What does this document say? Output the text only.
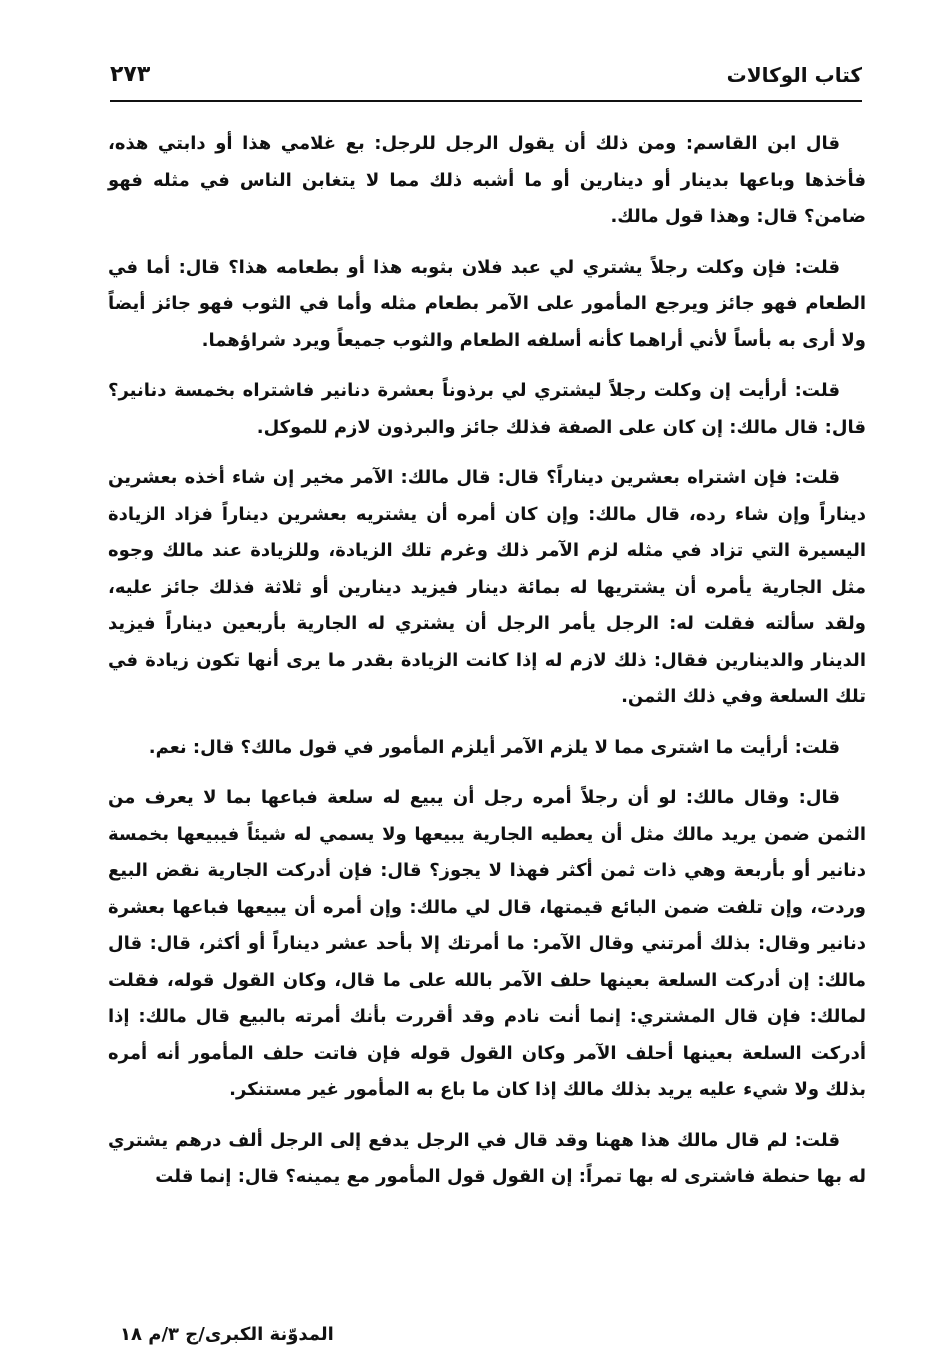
كتاب الوكالات
٢٧٣

قال ابن القاسم: ومن ذلك أن يقول الرجل للرجل: بع غلامي هذا أو دابتي هذه، فأخذها وباعها بدينار أو دينارين أو ما أشبه ذلك مما لا يتغابن الناس في مثله فهو ضامن؟ قال: وهذا قول مالك.

قلت: فإن وكلت رجلاً يشتري لي عبد فلان بثوبه هذا أو بطعامه هذا؟ قال: أما في الطعام فهو جائز ويرجع المأمور على الآمر بطعام مثله وأما في الثوب فهو جائز أيضاً ولا أرى به بأساً لأني أراهما كأنه أسلفه الطعام والثوب جميعاً ويرد شراؤهما.

قلت: أرأيت إن وكلت رجلاً ليشتري لي برذوناً بعشرة دنانير فاشتراه بخمسة دنانير؟ قال: قال مالك: إن كان على الصفة فذلك جائز والبرذون لازم للموكل.

قلت: فإن اشتراه بعشرين ديناراً؟ قال: قال مالك: الآمر مخير إن شاء أخذه بعشرين ديناراً وإن شاء رده، قال مالك: وإن كان أمره أن يشتريه بعشرين ديناراً فزاد الزيادة اليسيرة التي تزاد في مثله لزم الآمر ذلك وغرم تلك الزيادة، وللزيادة عند مالك وجوه مثل الجارية يأمره أن يشتريها له بمائة دينار فيزيد دينارين أو ثلاثة فذلك جائز عليه، ولقد سألته فقلت له: الرجل يأمر الرجل أن يشتري له الجارية بأربعين ديناراً فيزيد الدينار والدينارين فقال: ذلك لازم له إذا كانت الزيادة بقدر ما يرى أنها تكون زيادة في تلك السلعة وفي ذلك الثمن.

قلت: أرأيت ما اشترى مما لا يلزم الآمر أيلزم المأمور في قول مالك؟ قال: نعم.

قال: وقال مالك: لو أن رجلاً أمره رجل أن يبيع له سلعة فباعها بما لا يعرف من الثمن ضمن يريد مالك مثل أن يعطيه الجارية يبيعها ولا يسمي له شيئاً فيبيعها بخمسة دنانير أو بأربعة وهي ذات ثمن أكثر فهذا لا يجوز؟ قال: فإن أدركت الجارية نقض البيع وردت، وإن تلفت ضمن البائع قيمتها، قال لي مالك: وإن أمره أن يبيعها فباعها بعشرة دنانير وقال: بذلك أمرتني وقال الآمر: ما أمرتك إلا بأحد عشر ديناراً أو أكثر، قال: قال مالك: إن أدركت السلعة بعينها حلف الآمر بالله على ما قال، وكان القول قوله، فقلت لمالك: فإن قال المشتري: إنما أنت نادم وقد أقررت بأنك أمرته بالبيع قال مالك: إذا أدركت السلعة بعينها أحلف الآمر وكان القول قوله فإن فاتت حلف المأمور أنه أمره بذلك ولا شيء عليه يريد بذلك مالك إذا كان ما باع به المأمور غير مستنكر.

قلت: لم قال مالك هذا ههنا وقد قال في الرجل يدفع إلى الرجل ألف درهم يشتري له بها حنطة فاشترى له بها تمراً: إن القول قول المأمور مع يمينه؟ قال: إنما قلت

المدوّنة الكبرى/ج ٣/م ١٨
